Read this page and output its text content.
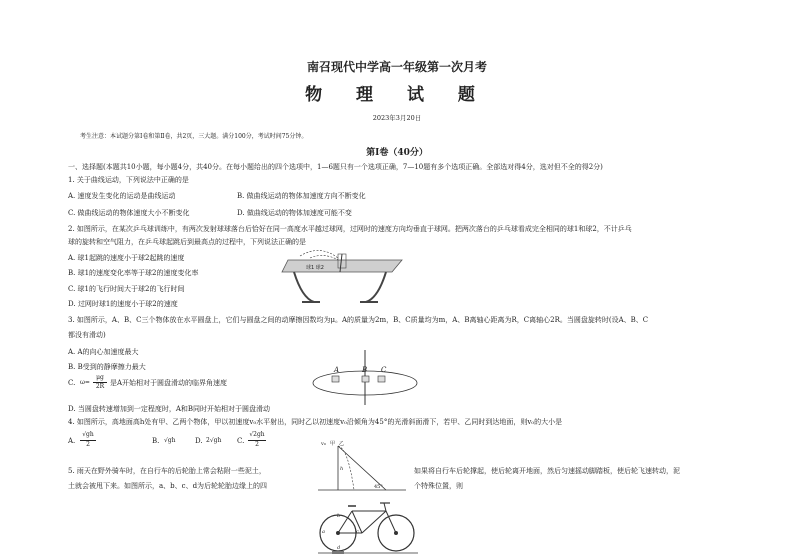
南召现代中学高一年级第一次月考
物 理 试 题
2023年3月20日
考生注意：本试题分第Ⅰ卷和第Ⅱ卷，共2页，三大题。满分100分，考试时间75分钟。
第Ⅰ卷（40分）
一、选择题(本题共10小题，每小题4分，共40分。在每小题给出的四个选项中，1—6题只有一个选项正确，7—10题有多个选项正确。全部选对得4分，选对但不全的得2分)
1. 关于曲线运动，下列说法中正确的是
A. 速度发生变化的运动是曲线运动	B. 做曲线运动的物体加速度方向不断变化
C. 做曲线运动的物体速度大小不断变化	D. 做曲线运动的物体加速度可能不变
2. 如图所示，在某次乒乓球训练中，有两次发射球球落台后恰好在同一高度水平越过球网，过网时的速度方向均垂直于球网。把两次落台的乒乓球看成完全相同的球1和球2，不计乒乓
球的旋转和空气阻力，在乒乓球起跳后到最高点的过程中，下列说法正确的是
A. 球1起跳的速度小于球2起跳的速度
B. 球1的速度变化率等于球2的速度变化率
C. 球1的飞行时间大于球2的飞行时间
D. 过网时球1的速度小于球2的速度
球1 球2
3. 如图所示，A、B、C三个物体放在水平圆盘上，它们与圆盘之间的动摩擦因数均为μ。A的质量为2m，B、C质量均为m，A、B离轴心距离为R，C离轴心2R。当圆盘旋转时(设A、B、C
都没有滑动)
A. A的向心加速度最大
B. B受到的静摩擦力最大
C. ω=
μg
2R 是A开始相对于圆盘滑动的临界角速度
D. 当圆盘转速增加到一定程度时，A和B同时开始相对于圆盘滑动
A	B C
4. 如图所示，高地面高h处有甲、乙两个物体，甲以初速度v₀水平射出，同时乙以初速度v₀沿倾角为45°的光滑斜面滑下，若甲、乙同时到达地面，则v₀的大小是
A.
√gh
2	B. √gh	C.
√2gh
2
D. 2√gh	甲 乙
v₀
h
45°
5. 雨天在野外骑车时，在自行车的后轮胎上常会粘附一些泥土，	如果将自行车后轮撑起，使后轮离开地面，然后匀速摇动脚踏板，使后轮飞速转动，泥
土就会被甩下来。如图所示，a、b、c、d为后轮轮胎边缘上的四	个特殊位置，则
a
b
c
d
